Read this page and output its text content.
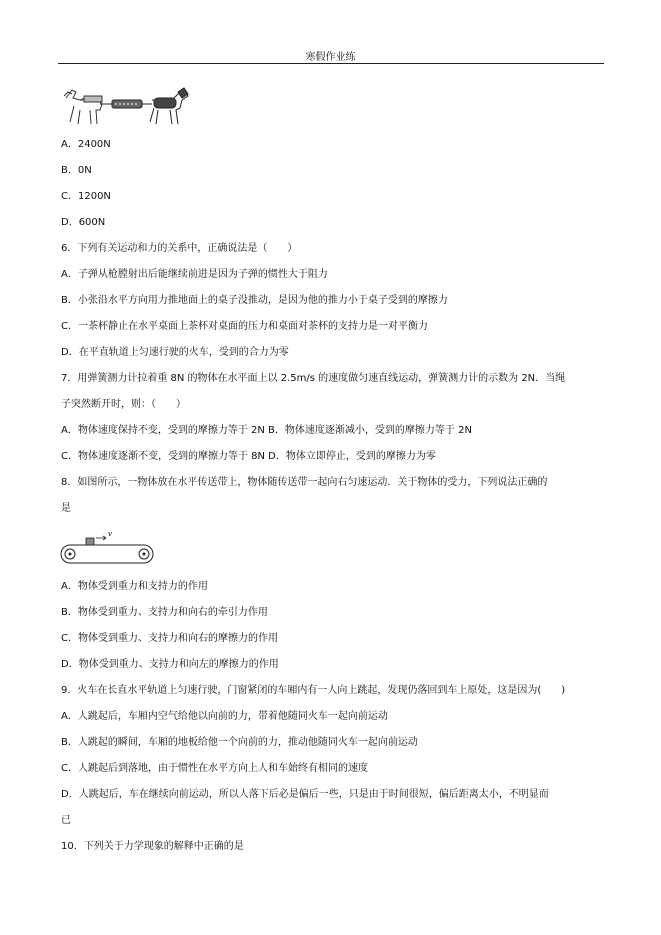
寒假作业练
A．2400N
B．0N
C．1200N
D．600N
6．下列有关运动和力的关系中，正确说法是（　　）
A．子弹从枪膛射出后能继续前进是因为子弹的惯性大于阻力
B．小张沿水平方向用力推地面上的桌子没推动，是因为他的推力小于桌子受到的摩擦力
C．一茶杯静止在水平桌面上茶杯对桌面的压力和桌面对茶杯的支持力是一对平衡力
D．在平直轨道上匀速行驶的火车，受到的合力为零
7．用弹簧测力计拉着重 8N 的物体在水平面上以 2.5m/s 的速度做匀速直线运动，弹簧测力计的示数为 2N．当绳
子突然断开时，则：（　　）
A．物体速度保持不变，受到的摩擦力等于 2N B．物体速度逐渐减小，受到的摩擦力等于 2N
C．物体速度逐渐不变，受到的摩擦力等于 8N D．物体立即停止，受到的摩擦力为零
8．如图所示，一物体放在水平传送带上，物体随传送带一起向右匀速运动．关于物体的受力，下列说法正确的
是
v
A．物体受到重力和支持力的作用
B．物体受到重力、支持力和向右的牵引力作用
C．物体受到重力、支持力和向右的摩擦力的作用
D．物体受到重力、支持力和向左的摩擦力的作用
9．火车在长直水平轨道上匀速行驶，门窗紧闭的车厢内有一人向上跳起，发现仍落回到车上原处，这是因为(　　)
A．人跳起后，车厢内空气给他以向前的力，带着他随同火车一起向前运动
B．人跳起的瞬间，车厢的地板给他一个向前的力，推动他随同火车一起向前运动
C．人跳起后到落地，由于惯性在水平方向上人和车始终有相同的速度
D．人跳起后，车在继续向前运动，所以人落下后必是偏后一些，只是由于时间很短，偏后距离太小，不明显而
已
10．下列关于力学现象的解释中正确的是
